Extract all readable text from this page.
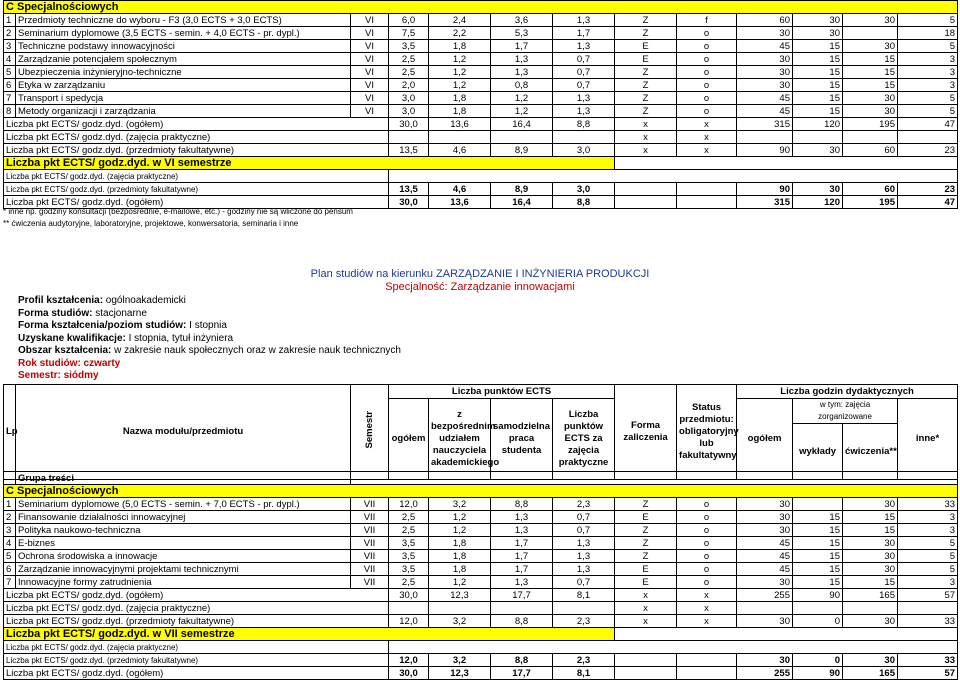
C Specjalnościowych												
1	Przedmioty techniczne do wyboru - F3 (3,0 ECTS + 3,0 ECTS)	VI	6,0	2,4	3,6	1,3	Z	f	60	30	30	5
2	Seminarium dyplomowe (3,5 ECTS - semin. + 4,0 ECTS - pr. dypl.)	VI	7,5	2,2	5,3	1,7	Z	o	30	30		18
3	Techniczne podstawy innowacyjności	VI	3,5	1,8	1,7	1,3	E	o	45	15	30	5
4	Zarządzanie potencjałem społecznym	VI	2,5	1,2	1,3	0,7	E	o	30	15	15	3
5	Ubezpieczenia inżynieryjno-techniczne	VI	2,5	1,2	1,3	0,7	Z	o	30	15	15	3
6	Etyka w zarządzaniu	VI	2,0	1,2	0,8	0,7	Z	o	30	15	15	3
7	Transport i spedycja	VI	3,0	1,8	1,2	1,3	Z	o	45	15	30	5
8	Metody organizacji i zarządzania	VI	3,0	1,8	1,2	1,3	Z	o	45	15	30	5
Liczba pkt ECTS/ godz.dyd. (ogółem)			30,0	13,6	16,4	8,8	x	x	315	120	195	47
Liczba pkt ECTS/ godz.dyd. (zajęcia praktyczne)							x	x				
Liczba pkt ECTS/ godz.dyd. (przedmioty fakultatywne)			13,5	4,6	8,9	3,0	x	x	90	30	60	23
Liczba pkt ECTS/ godz.dyd. w VI semestrze												
Liczba pkt ECTS/ godz.dyd. (zajęcia praktyczne)												
Liczba pkt ECTS/ godz.dyd. (przedmioty fakultatywne)			13,5	4,6	8,9	3,0			90	30	60	23
Liczba pkt ECTS/ godz.dyd. (ogółem)			30,0	13,6	16,4	8,8			315	120	195	47
* inne np. godziny konsultacji (bezpośrednie, e-mailowe, etc.) - godziny nie są wliczone do pensum
** ćwiczenia audytoryjne, laboratoryjne, projektowe, konwersatoria, seminaria i inne
Plan studiów na kierunku ZARZĄDZANIE I INŻYNIERIA PRODUKCJI
Specjalność: Zarządzanie innowacjami
Profil kształcenia: ogólnoakademicki
Forma studiów: stacjonarne
Forma kształcenia/poziom studiów: I stopnia
Uzyskane kwalifikacje: I stopnia, tytuł inżyniera
Obszar kształcenia: w zakresie nauk społecznych oraz w zakresie nauk technicznych
Rok studiów: czwarty
Semestr: siódmy
Lp	Nazwa modułu/przedmiotu	Semestr	Liczba punktów ECTS				Forma zaliczenia	Status przedmiotu: obligatoryjny lub fakultatywny	Liczba godzin dydaktycznych			
			ogółem	z bezpośrednim udziałem nauczyciela akademickiego	samodzielna praca studenta	Liczba punktów ECTS za zajęcia praktyczne			ogółem	w tym: zajęcia zorganizowane		inne*
										wykłady	ćwiczenia**	
	Grupa treści											
C Specjalnościowych												
1	Seminarium dyplomowe (5,0 ECTS - semin. + 7,0 ECTS - pr. dypl.)	VII	12,0	3,2	8,8	2,3	Z	o	30		30	33
2	Finansowanie działalności innowacyjnej	VII	2,5	1,2	1,3	0,7	E	o	30	15	15	3
3	Polityka naukowo-techniczna	VII	2,5	1,2	1,3	0,7	Z	o	30	15	15	3
4	E-biznes	VII	3,5	1,8	1,7	1,3	Z	o	45	15	30	5
5	Ochrona środowiska a innowacje	VII	3,5	1,8	1,7	1,3	Z	o	45	15	30	5
6	Zarządzanie innowacyjnymi projektami technicznymi	VII	3,5	1,8	1,7	1,3	E	o	45	15	30	5
7	Innowacyjne formy zatrudnienia	VII	2,5	1,2	1,3	0,7	E	o	30	15	15	3
Liczba pkt ECTS/ godz.dyd. (ogółem)			30,0	12,3	17,7	8,1	x	x	255	90	165	57
Liczba pkt ECTS/ godz.dyd. (zajęcia praktyczne)							x	x				
Liczba pkt ECTS/ godz.dyd. (przedmioty fakultatywne)			12,0	3,2	8,8	2,3	x	x	30	0	30	33
Liczba pkt ECTS/ godz.dyd. w VII semestrze												
Liczba pkt ECTS/ godz.dyd. (zajęcia praktyczne)												
Liczba pkt ECTS/ godz.dyd. (przedmioty fakultatywne)			12,0	3,2	8,8	2,3			30	0	30	33
Liczba pkt ECTS/ godz.dyd. (ogółem)			30,0	12,3	17,7	8,1			255	90	165	57
